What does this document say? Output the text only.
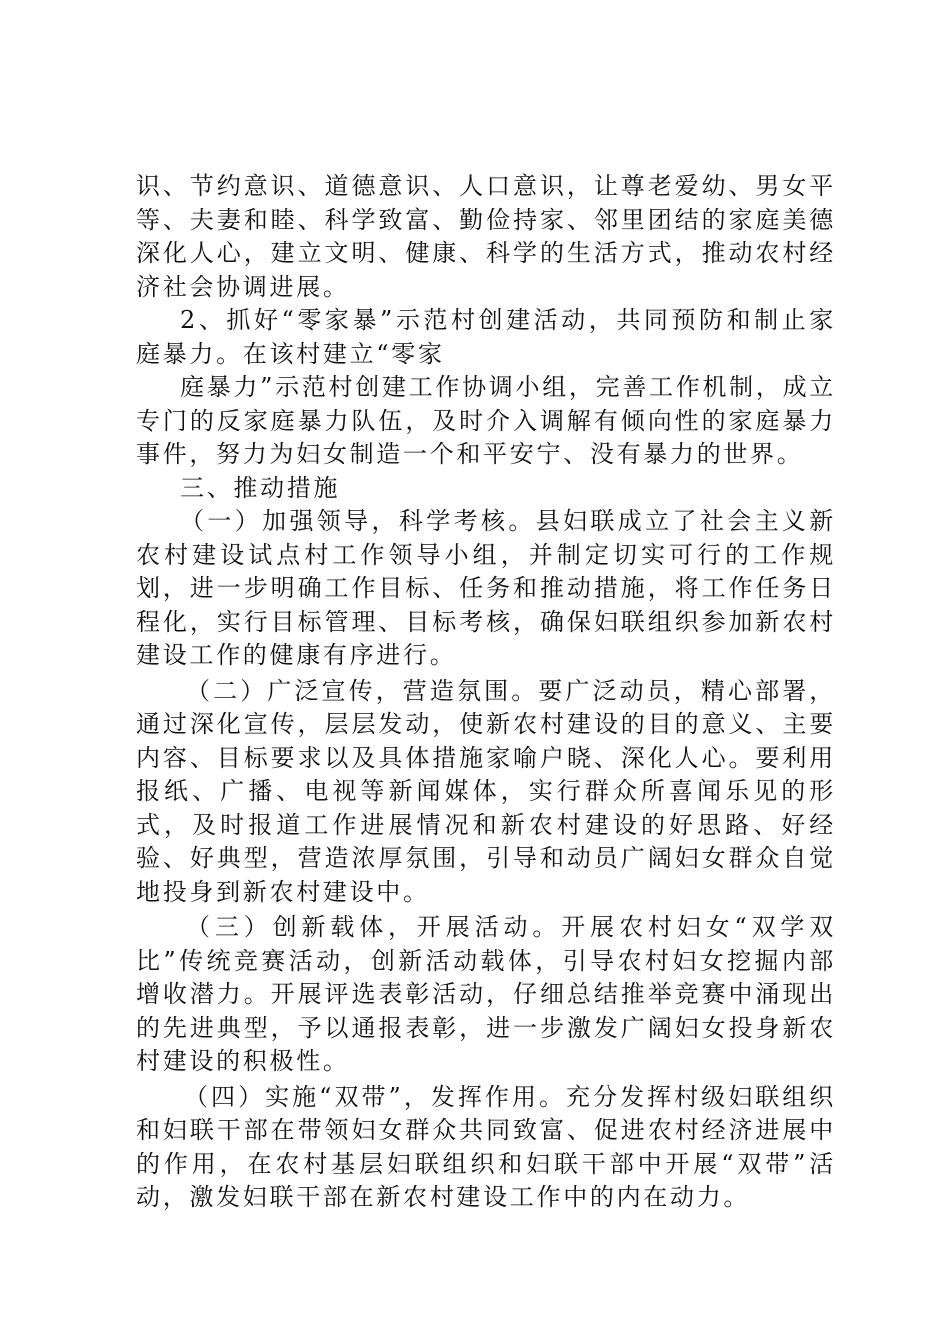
识、节约意识、道德意识、人口意识，让尊老爱幼、男女平等、夫妻和睦、科学致富、勤俭持家、邻里团结的家庭美德深化人心，建立文明、健康、科学的生活方式，推动农村经济社会协调进展。

2、抓好“零家暴”示范村创建活动，共同预防和制止家庭暴力。在该村建立“零家

庭暴力”示范村创建工作协调小组，完善工作机制，成立专门的反家庭暴力队伍，及时介入调解有倾向性的家庭暴力事件，努力为妇女制造一个和平安宁、没有暴力的世界。

三、推动措施

（一）加强领导，科学考核。县妇联成立了社会主义新农村建设试点村工作领导小组，并制定切实可行的工作规划，进一步明确工作目标、任务和推动措施，将工作任务日程化，实行目标管理、目标考核，确保妇联组织参加新农村建设工作的健康有序进行。

（二）广泛宣传，营造氛围。要广泛动员，精心部署，通过深化宣传，层层发动，使新农村建设的目的意义、主要内容、目标要求以及具体措施家喻户晓、深化人心。要利用报纸、广播、电视等新闻媒体，实行群众所喜闻乐见的形式，及时报道工作进展情况和新农村建设的好思路、好经验、好典型，营造浓厚氛围，引导和动员广阔妇女群众自觉地投身到新农村建设中。

（三）创新载体，开展活动。开展农村妇女“双学双比”传统竞赛活动，创新活动载体，引导农村妇女挖掘内部增收潜力。开展评选表彰活动，仔细总结推举竞赛中涌现出的先进典型，予以通报表彰，进一步激发广阔妇女投身新农村建设的积极性。

（四）实施“双带”，发挥作用。充分发挥村级妇联组织和妇联干部在带领妇女群众共同致富、促进农村经济进展中的作用，在农村基层妇联组织和妇联干部中开展“双带”活动，激发妇联干部在新农村建设工作中的内在动力。
